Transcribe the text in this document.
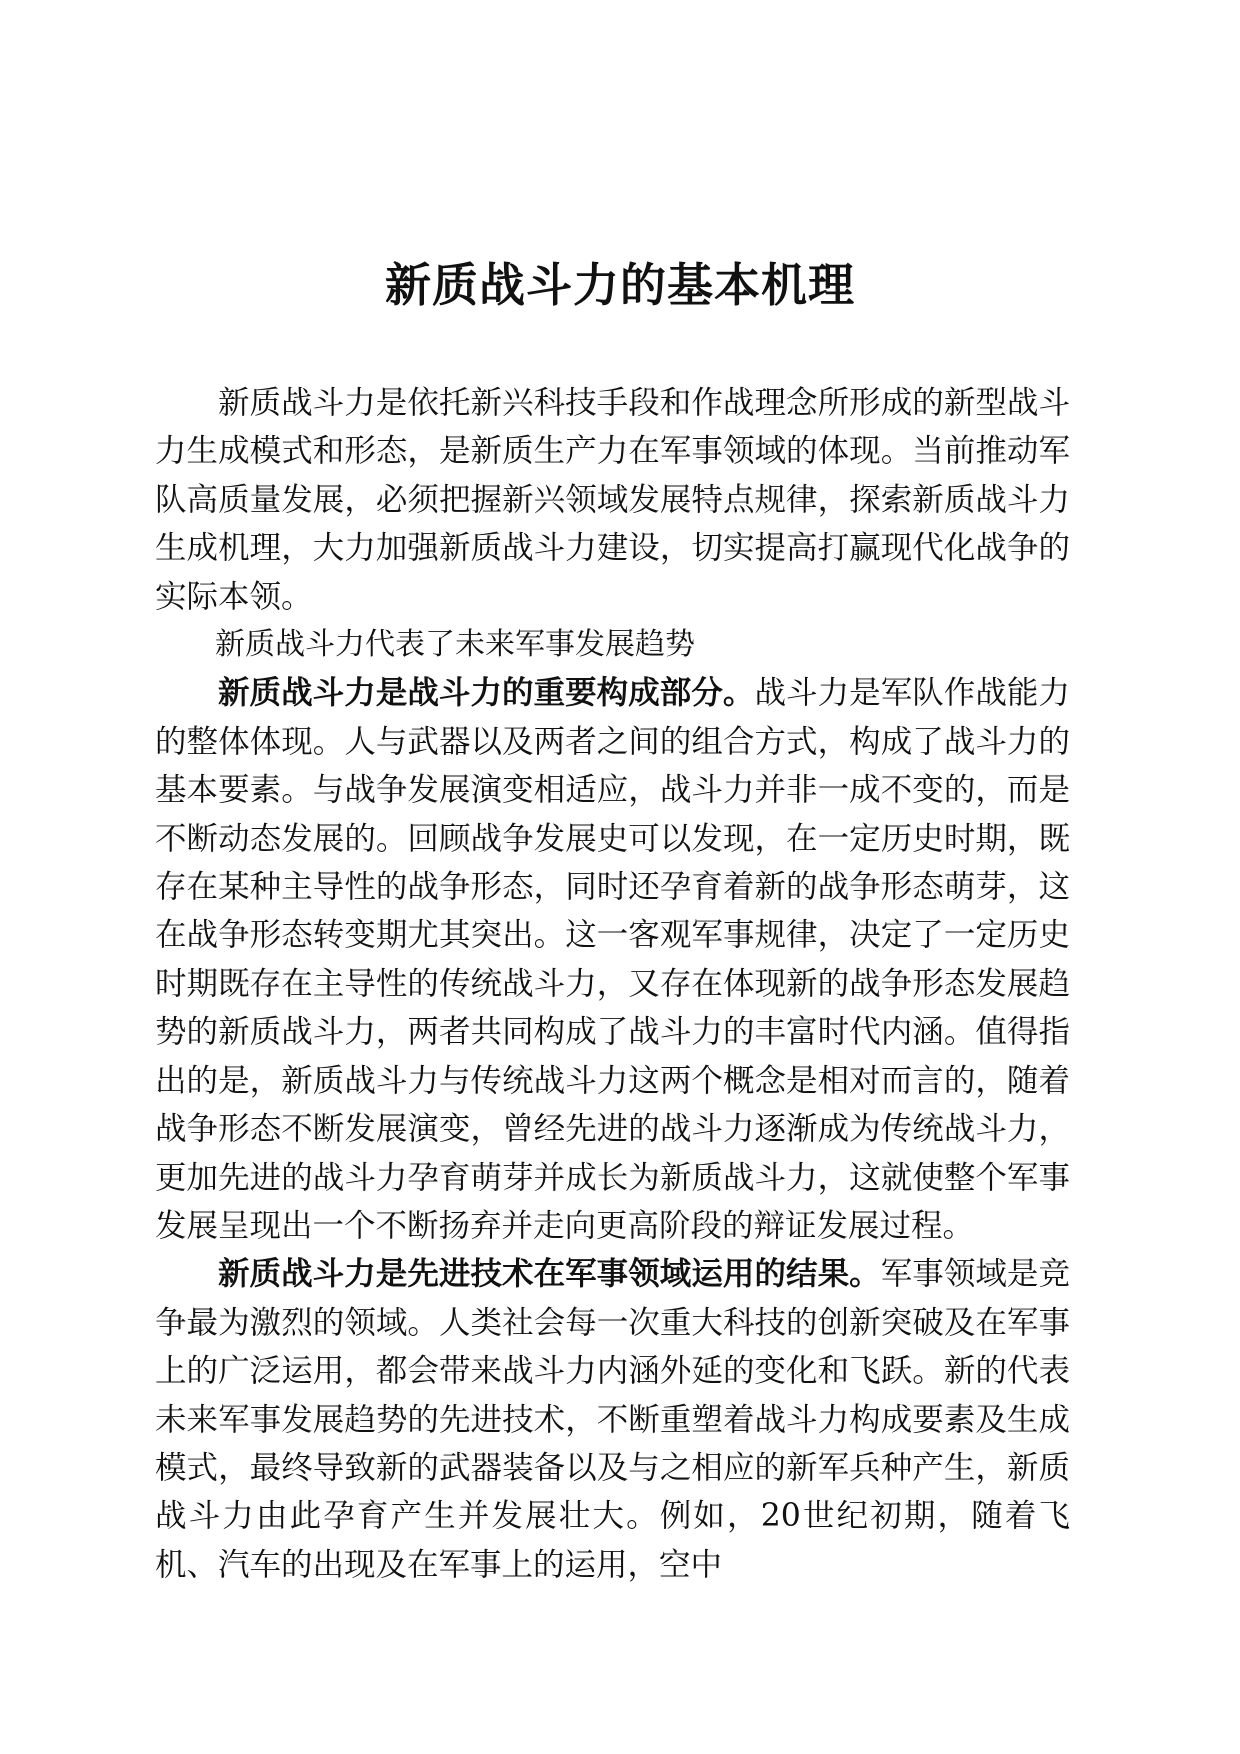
新质战斗力的基本机理

新质战斗力是依托新兴科技手段和作战理念所形成的新型战斗力生成模式和形态，是新质生产力在军事领域的体现。当前推动军队高质量发展，必须把握新兴领域发展特点规律，探索新质战斗力生成机理，大力加强新质战斗力建设，切实提高打赢现代化战争的实际本领。

新质战斗力代表了未来军事发展趋势

新质战斗力是战斗力的重要构成部分。战斗力是军队作战能力的整体体现。人与武器以及两者之间的组合方式，构成了战斗力的基本要素。与战争发展演变相适应，战斗力并非一成不变的，而是不断动态发展的。回顾战争发展史可以发现，在一定历史时期，既存在某种主导性的战争形态，同时还孕育着新的战争形态萌芽，这在战争形态转变期尤其突出。这一客观军事规律，决定了一定历史时期既存在主导性的传统战斗力，又存在体现新的战争形态发展趋势的新质战斗力，两者共同构成了战斗力的丰富时代内涵。值得指出的是，新质战斗力与传统战斗力这两个概念是相对而言的，随着战争形态不断发展演变，曾经先进的战斗力逐渐成为传统战斗力，更加先进的战斗力孕育萌芽并成长为新质战斗力，这就使整个军事发展呈现出一个不断扬弃并走向更高阶段的辩证发展过程。

新质战斗力是先进技术在军事领域运用的结果。军事领域是竞争最为激烈的领域。人类社会每一次重大科技的创新突破及在军事上的广泛运用，都会带来战斗力内涵外延的变化和飞跃。新的代表未来军事发展趋势的先进技术，不断重塑着战斗力构成要素及生成模式，最终导致新的武器装备以及与之相应的新军兵种产生，新质战斗力由此孕育产生并发展壮大。例如，20世纪初期，随着飞机、汽车的出现及在军事上的运用，空中
